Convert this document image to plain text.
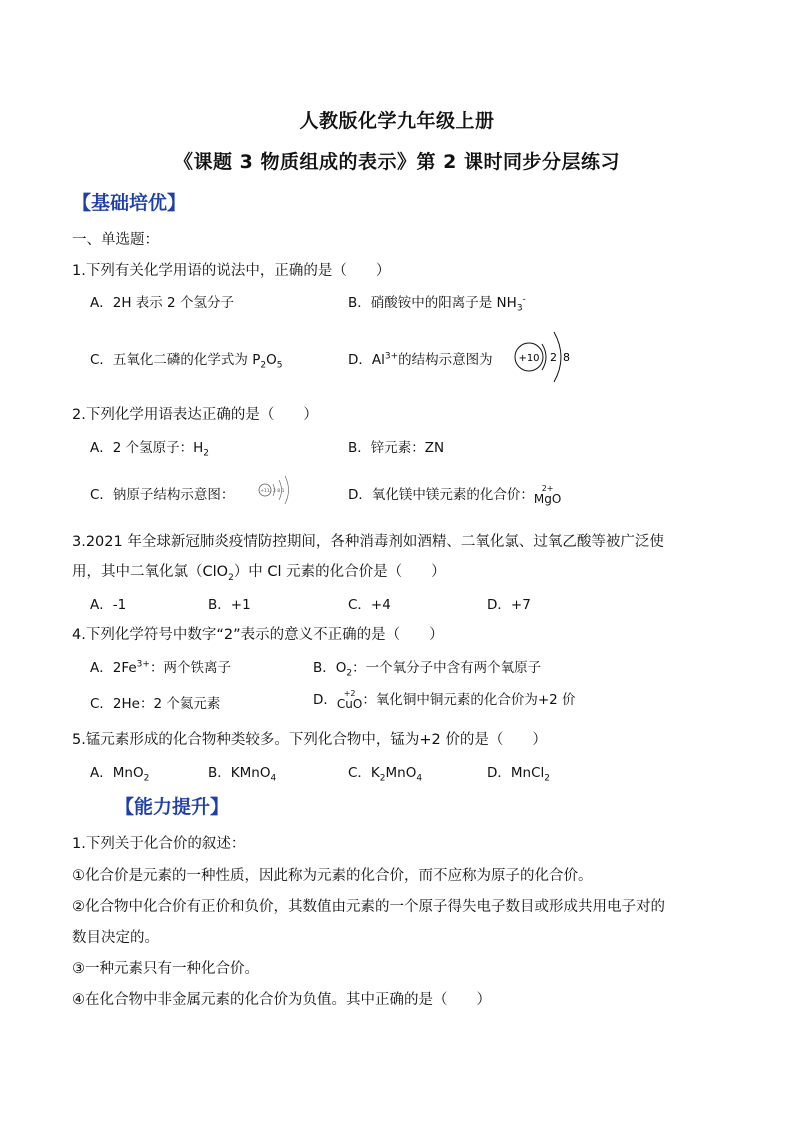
人教版化学九年级上册
《课题 3 物质组成的表示》第 2 课时同步分层练习
【基础培优】
一、单选题：
1.下列有关化学用语的说法中，正确的是（　　）
A．2H 表示 2 个氢分子	B．硝酸铵中的阳离子是 $NH_3^-$
C．五氧化二磷的化学式为 $P_2O_5$	D．$Al^{3+}$的结构示意图为	+10 2 8
2.下列化学用语表达正确的是（　　）
A．2 个氢原子：$H_2$	B．锌元素：ZN
C．钠原子结构示意图：	+11 2 8 1	D．氧化镁中镁元素的化合价： 2+
MgO
3.2021 年全球新冠肺炎疫情防控期间，各种消毒剂如酒精、二氧化氯、过氧乙酸等被广泛使
用，其中二氧化氯（ClO$_2$）中 Cl 元素的化合价是（　　）
A．-1	B．+1	C．+4	D．+7
4.下列化学符号中数字“2”表示的意义不正确的是（　　）
A．$2Fe^{3+}$：两个铁离子	B．$O_2$：一个氧分子中含有两个氧原子
C．2He：2 个氦元素	D． +2
CuO ：氧化铜中铜元素的化合价为+2 价
5.锰元素形成的化合物种类较多。下列化合物中，锰为+2 价的是（　　）
A．MnO$_2$	B．KMnO$_4$	C．$K_2MnO_4$	D．MnCl$_2$
【能力提升】
1.下列关于化合价的叙述：
①化合价是元素的一种性质，因此称为元素的化合价，而不应称为原子的化合价。
②化合物中化合价有正价和负价，其数值由元素的一个原子得失电子数目或形成共用电子对的
数目决定的。
③一种元素只有一种化合价。
④在化合物中非金属元素的化合价为负值。其中正确的是（　　）
